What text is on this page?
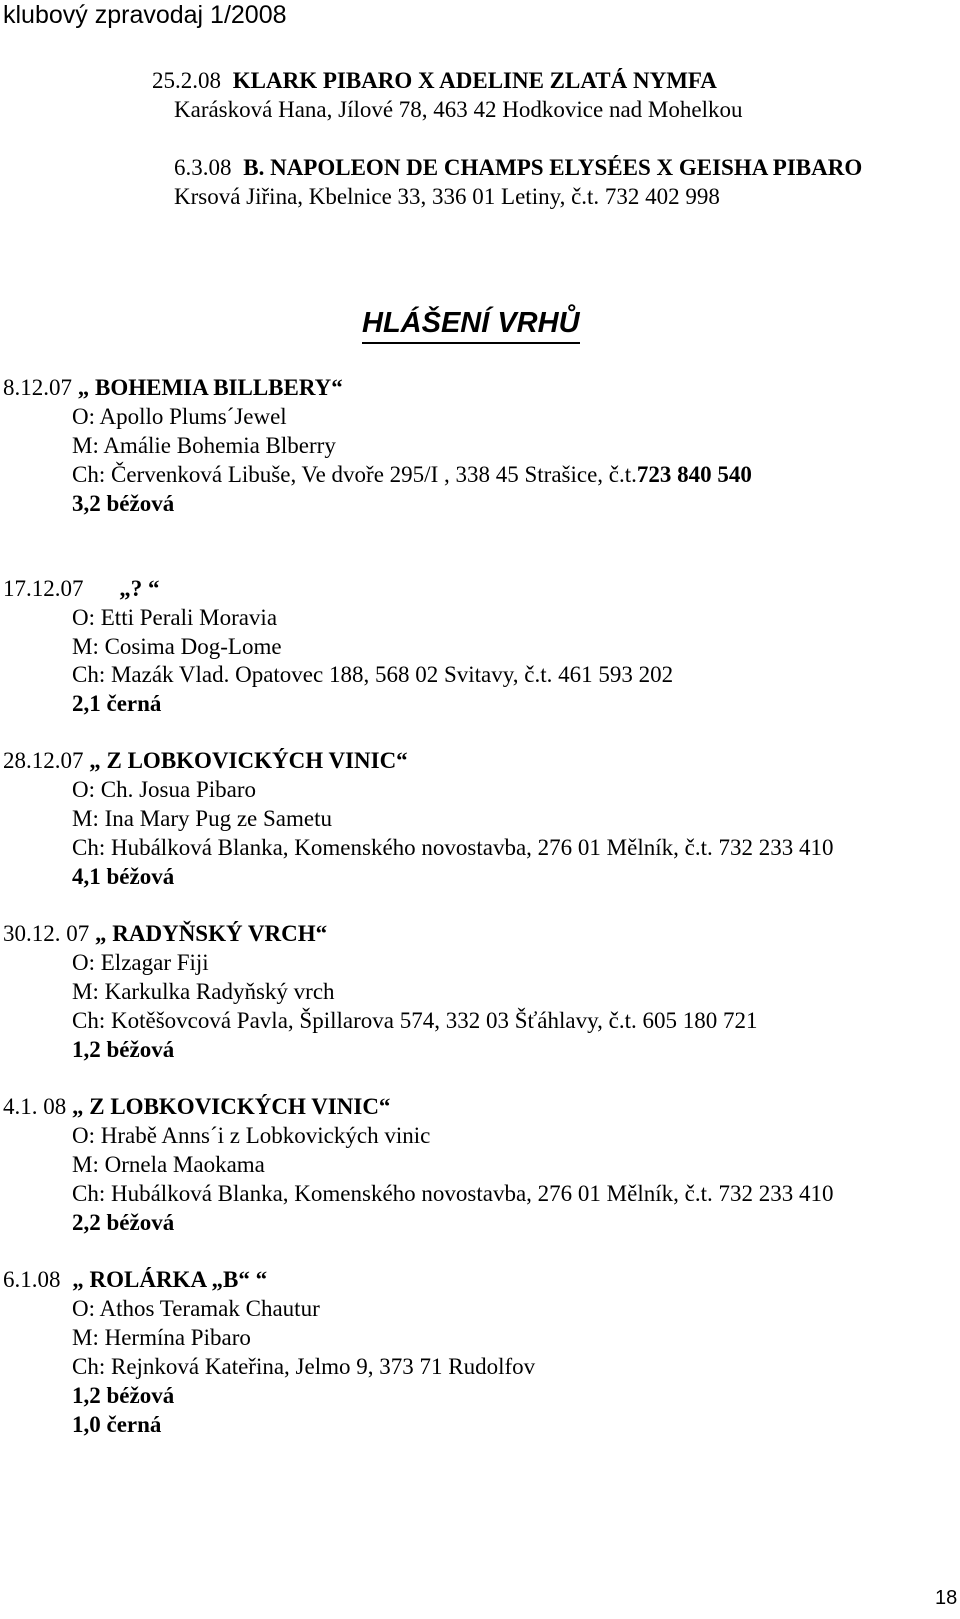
klubový zpravodaj 1/2008
25.2.08 KLARK PIBARO X ADELINE ZLATÁ NYMFA
Karásková Hana, Jílové 78, 463 42 Hodkovice nad Mohelkou
6.3.08 B. NAPOLEON DE CHAMPS ELYSÉES X GEISHA PIBARO
Krsová Jiřina, Kbelnice 33, 336 01 Letiny, č.t. 732 402 998
HLÁŠENÍ VRHŮ
8.12.07 „ BOHEMIA BILLBERY“
O: Apollo Plums´Jewel
M: Amálie Bohemia Blberry
Ch: Červenková Libuše, Ve dvoře 295/I , 338 45 Strašice, č.t.723 840 540
3,2 béžová
17.12.07 „? “
O: Etti Perali Moravia
M: Cosima Dog-Lome
Ch: Mazák Vlad. Opatovec 188, 568 02 Svitavy, č.t. 461 593 202
2,1 černá
28.12.07 „ Z LOBKOVICKÝCH VINIC“
O: Ch. Josua Pibaro
M: Ina Mary Pug ze Sametu
Ch: Hubálková Blanka, Komenského novostavba, 276 01 Mělník, č.t. 732 233 410
4,1 béžová
30.12. 07 „ RADYŇSKÝ VRCH“
O: Elzagar Fiji
M: Karkulka Radyňský vrch
Ch: Kotěšovcová Pavla, Špillarova 574, 332 03 Šťáhlavy, č.t. 605 180 721
1,2 béžová
4.1. 08 „ Z LOBKOVICKÝCH VINIC“
O: Hrabě Anns´i z Lobkovických vinic
M: Ornela Maokama
Ch: Hubálková Blanka, Komenského novostavba, 276 01 Mělník, č.t. 732 233 410
2,2 béžová
6.1.08 „ ROLÁRKA „B“ “
O: Athos Teramak Chautur
M: Hermína Pibaro
Ch: Rejnková Kateřina, Jelmo 9, 373 71 Rudolfov
1,2 béžová
1,0 černá
18
